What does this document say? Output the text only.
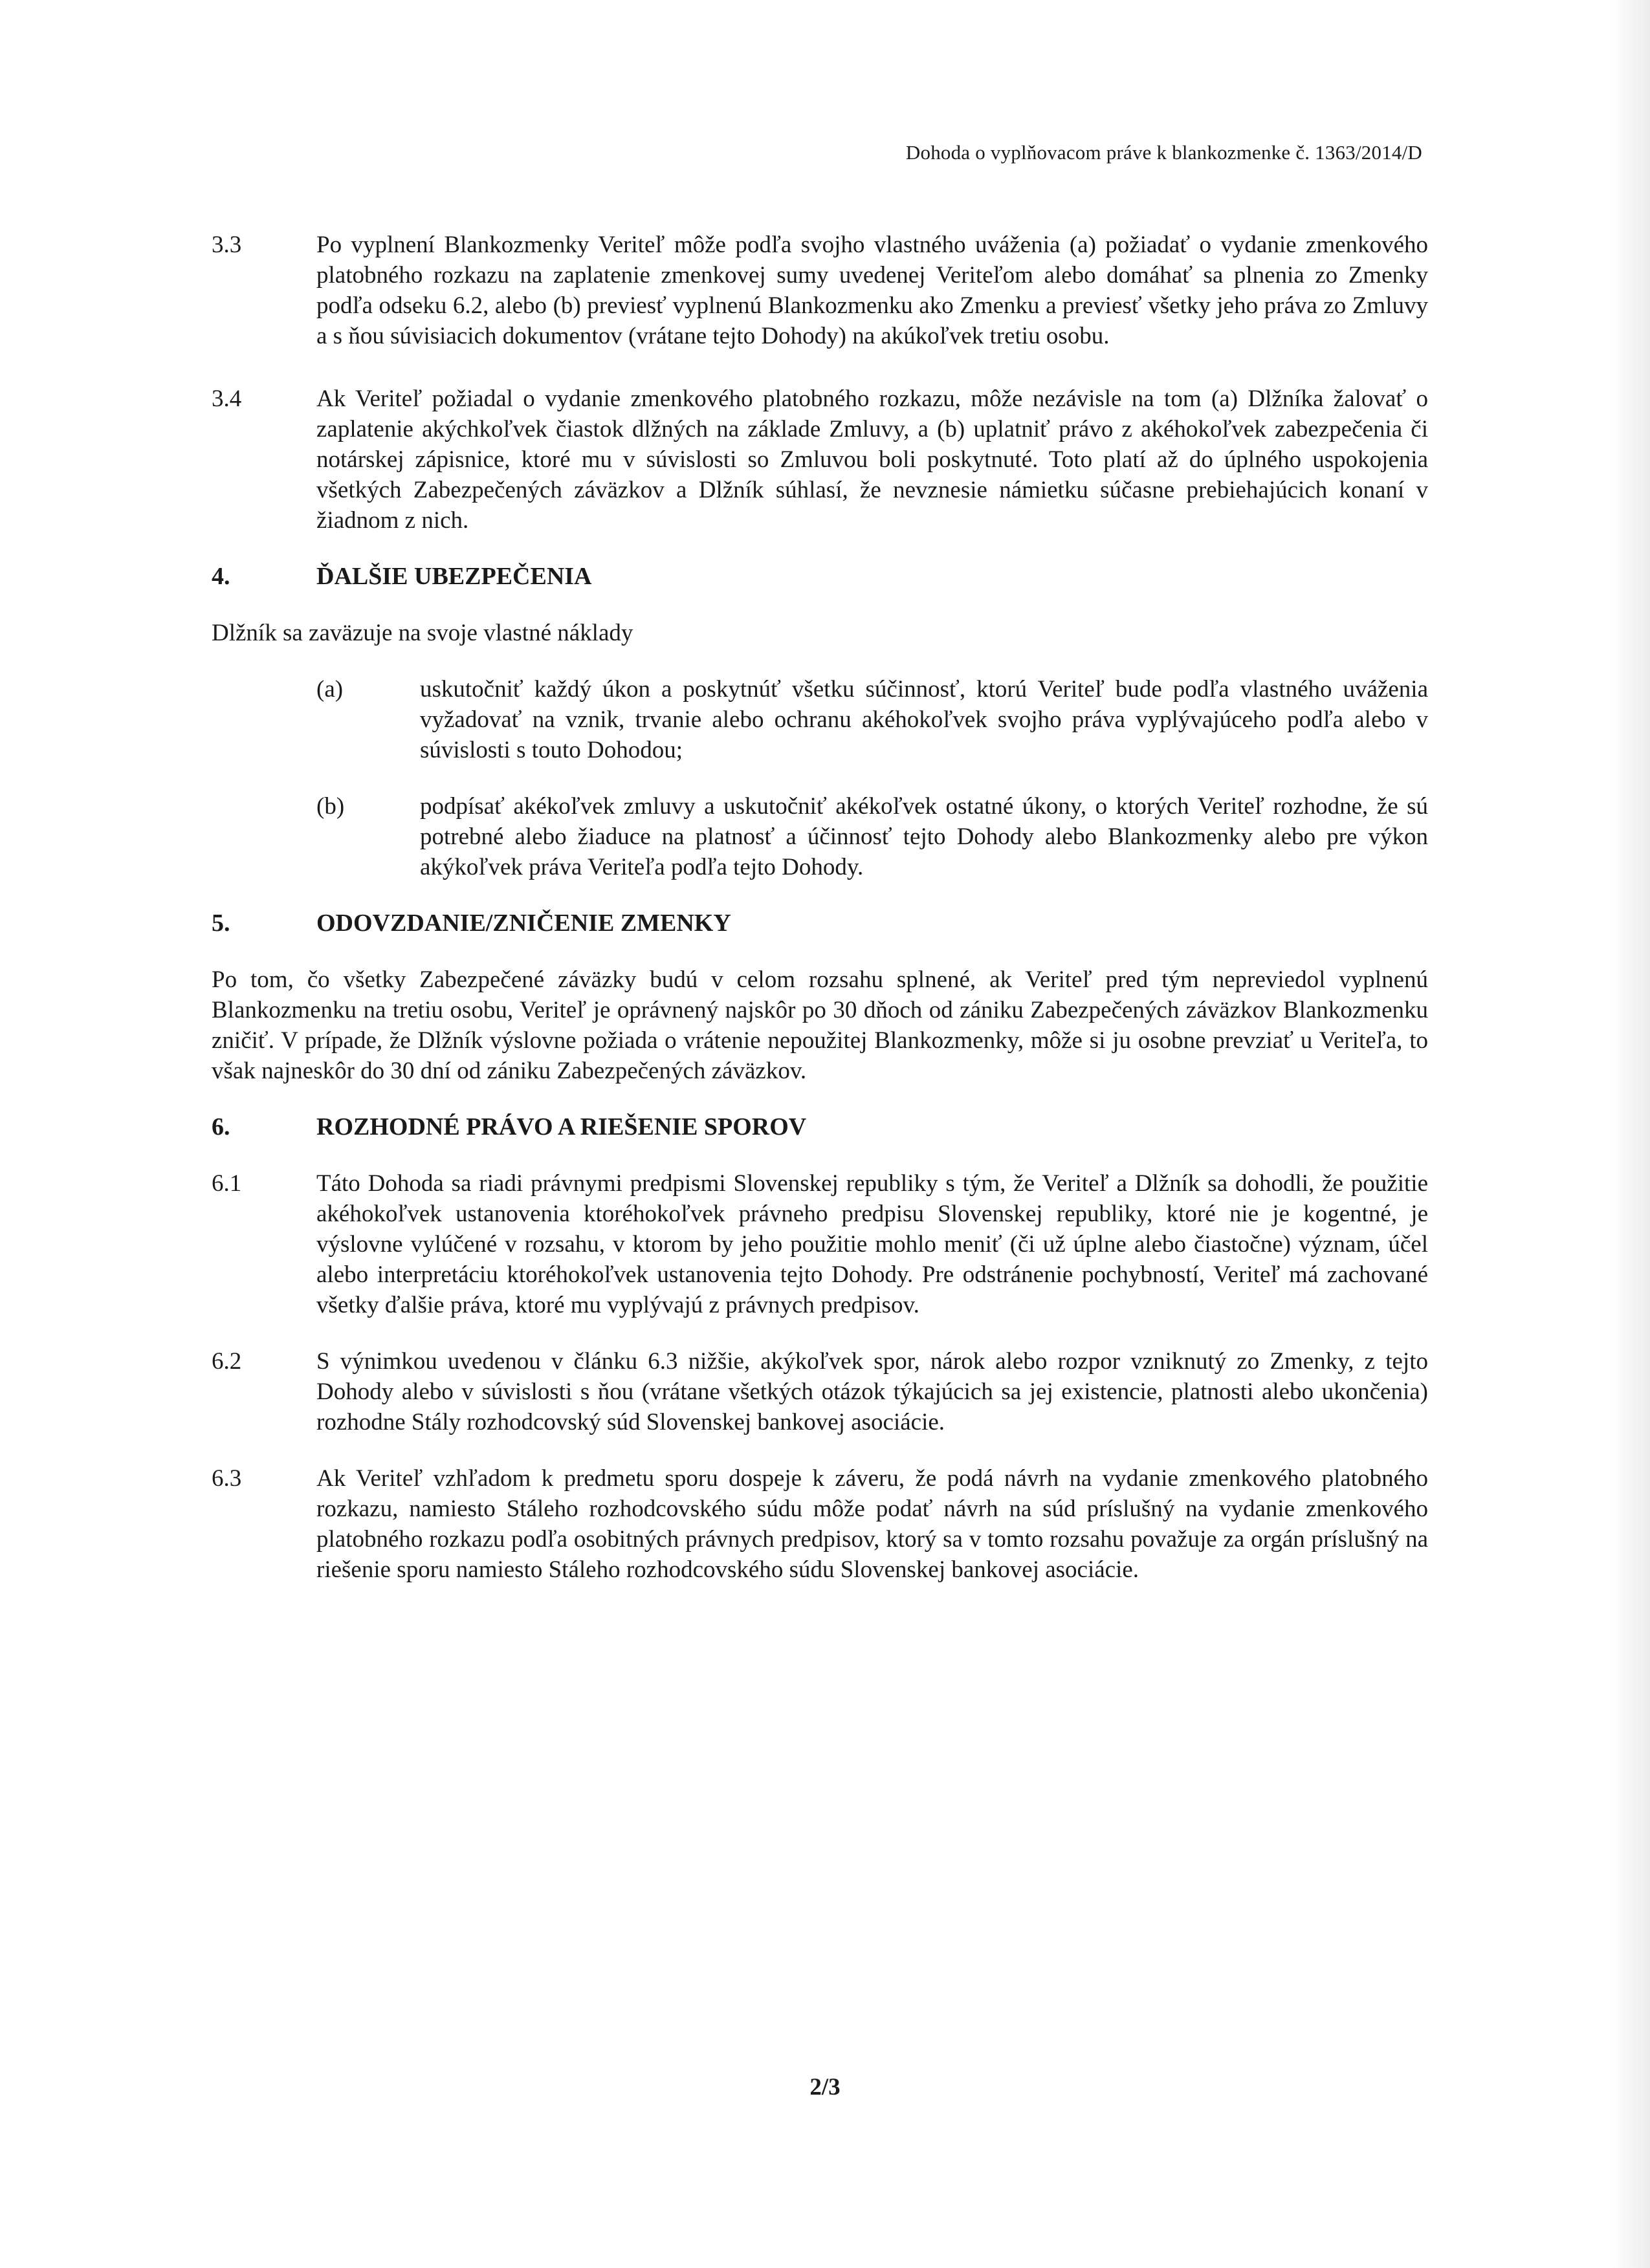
Dohoda o vyplňovacom práve k blankozmenke č. 1363/2014/D
3.3	Po vyplnení Blankozmenky Veriteľ môže podľa svojho vlastného uváženia (a) požiadať o vydanie zmenkového platobného rozkazu na zaplatenie zmenkovej sumy uvedenej Veriteľom alebo domáhať sa plnenia zo Zmenky podľa odseku 6.2, alebo (b) previesť vyplnenú Blankozmenku ako Zmenku a previesť všetky jeho práva zo Zmluvy a s ňou súvisiacich dokumentov (vrátane tejto Dohody) na akúkoľvek tretiu osobu.
3.4	Ak Veriteľ požiadal o vydanie zmenkového platobného rozkazu, môže nezávisle na tom (a) Dlžníka žalovať o zaplatenie akýchkoľvek čiastok dlžných na základe Zmluvy, a (b) uplatniť právo z akéhokoľvek zabezpečenia či notárskej zápisnice, ktoré mu v súvislosti so Zmluvou boli poskytnuté. Toto platí až do úplného uspokojenia všetkých Zabezpečených záväzkov a Dlžník súhlasí, že nevznesie námietku súčasne prebiehajúcich konaní v žiadnom z nich.
4.	ĎALŠIE UBEZPEČENIA
Dlžník sa zaväzuje na svoje vlastné náklady
(a)	uskutočniť každý úkon a poskytnúť všetku súčinnosť, ktorú Veriteľ bude podľa vlastného uváženia vyžadovať na vznik, trvanie alebo ochranu akéhokoľvek svojho práva vyplývajúceho podľa alebo v súvislosti s touto Dohodou;
(b)	podpísať akékoľvek zmluvy a uskutočniť akékoľvek ostatné úkony, o ktorých Veriteľ rozhodne, že sú potrebné alebo žiaduce na platnosť a účinnosť tejto Dohody alebo Blankozmenky alebo pre výkon akýkoľvek práva Veriteľa podľa tejto Dohody.
5.	ODOVZDANIE/ZNIČENIE ZMENKY
Po tom, čo všetky Zabezpečené záväzky budú v celom rozsahu splnené, ak Veriteľ pred tým nepreviedol vyplnenú Blankozmenku na tretiu osobu, Veriteľ je oprávnený najskôr po 30 dňoch od zániku Zabezpečených záväzkov Blankozmenku zničiť. V prípade, že Dlžník výslovne požiada o vrátenie nepoužitej Blankozmenky, môže si ju osobne prevziať u Veriteľa, to však najneskôr do 30 dní od zániku Zabezpečených záväzkov.
6.	ROZHODNÉ PRÁVO A RIEŠENIE SPOROV
6.1	Táto Dohoda sa riadi právnymi predpismi Slovenskej republiky s tým, že Veriteľ a Dlžník sa dohodli, že použitie akéhokoľvek ustanovenia ktoréhokoľvek právneho predpisu Slovenskej republiky, ktoré nie je kogentné, je výslovne vylúčené v rozsahu, v ktorom by jeho použitie mohlo meniť (či už úplne alebo čiastočne) význam, účel alebo interpretáciu ktoréhokoľvek ustanovenia tejto Dohody. Pre odstránenie pochybností, Veriteľ má zachované všetky ďalšie práva, ktoré mu vyplývajú z právnych predpisov.
6.2	S výnimkou uvedenou v článku 6.3 nižšie, akýkoľvek spor, nárok alebo rozpor vzniknutý zo Zmenky, z tejto Dohody alebo v súvislosti s ňou (vrátane všetkých otázok týkajúcich sa jej existencie, platnosti alebo ukončenia) rozhodne Stály rozhodcovský súd Slovenskej bankovej asociácie.
6.3	Ak Veriteľ vzhľadom k predmetu sporu dospeje k záveru, že podá návrh na vydanie zmenkového platobného rozkazu, namiesto Stáleho rozhodcovského súdu môže podať návrh na súd príslušný na vydanie zmenkového platobného rozkazu podľa osobitných právnych predpisov, ktorý sa v tomto rozsahu považuje za orgán príslušný na riešenie sporu namiesto Stáleho rozhodcovského súdu Slovenskej bankovej asociácie.
2/3
